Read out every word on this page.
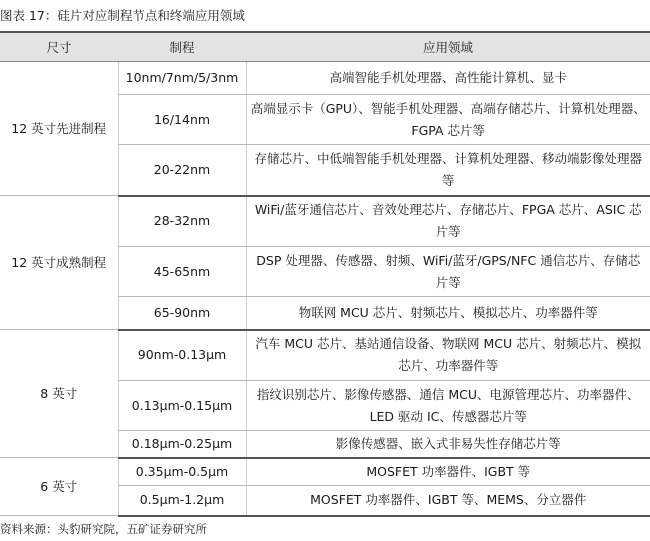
图表 17：硅片对应制程节点和终端应用领域
尺寸	制程	应用领域
12 英寸先进制程	10nm/7nm/5/3nm	高端智能手机处理器、高性能计算机、显卡
	16/14nm	高端显示卡（GPU）、智能手机处理器、高端存储芯片、计算机处理器、 FGPA 芯片等
	20-22nm	存储芯片、中低端智能手机处理器、计算机处理器、移动端影像处理器等
12 英寸成熟制程	28-32nm	WiFi/蓝牙通信芯片、音效处理芯片、存储芯片、FPGA 芯片、ASIC 芯片等
	45-65nm	DSP 处理器、传感器、射频、WiFi/蓝牙/GPS/NFC 通信芯片、存储芯片等
	65-90nm	物联网 MCU 芯片、射频芯片、模拟芯片、功率器件等
8 英寸	90nm-0.13μm	汽车 MCU 芯片、基站通信设备、物联网 MCU 芯片、射频芯片、模拟芯片、功率器件等
	0.13μm-0.15μm	指纹识别芯片、影像传感器、通信 MCU、电源管理芯片、功率器件、LED 驱动 IC、传感器芯片等
	0.18μm-0.25μm	影像传感器、嵌入式非易失性存储芯片等
6 英寸	0.35μm-0.5μm	MOSFET 功率器件、IGBT 等
	0.5μm-1.2μm	MOSFET 功率器件、IGBT 等、MEMS、分立器件
资料来源：头豹研究院，五矿证券研究所
